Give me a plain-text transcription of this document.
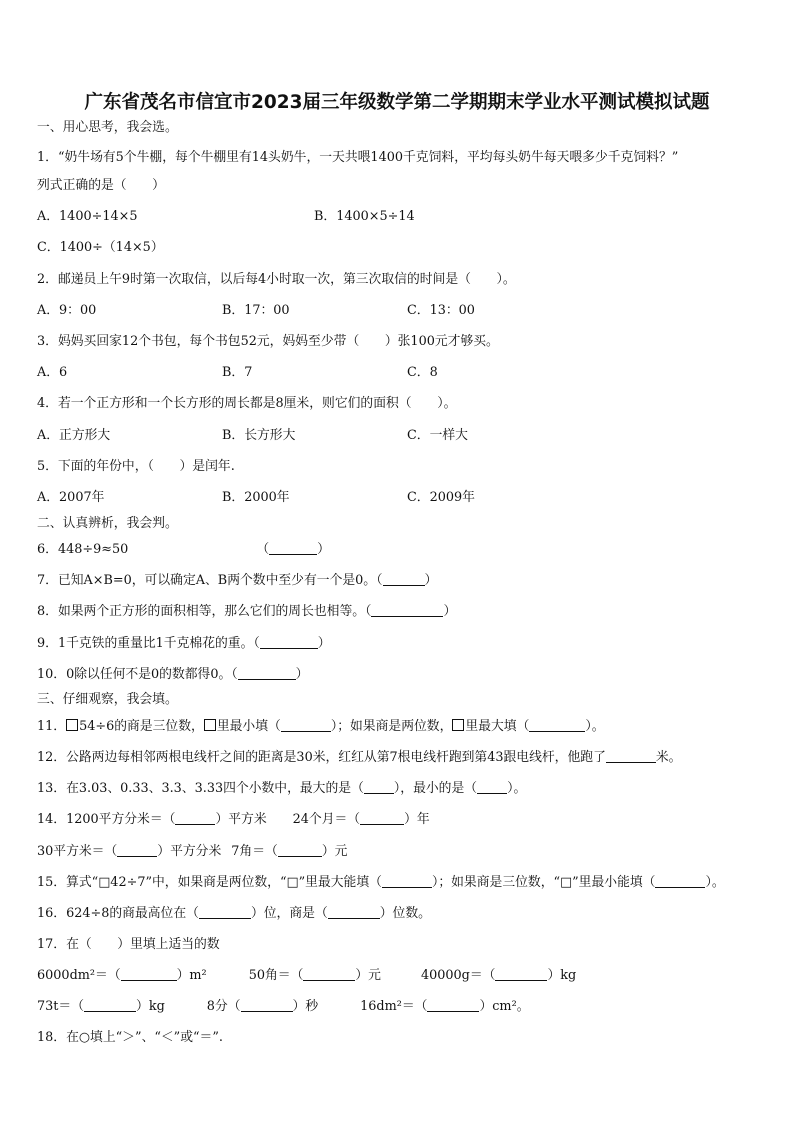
广东省茂名市信宜市2023届三年级数学第二学期期末学业水平测试模拟试题
一、用心思考，我会选。
1．“奶牛场有5个牛棚，每个牛棚里有14头奶牛，一天共喂1400千克饲料，平均每头奶牛每天喂多少千克饲料？”
列式正确的是（　　）
A．1400÷14×5	B．1400×5÷14
C．1400÷（14×5）
2．邮递员上午9时第一次取信，以后每4小时取一次，第三次取信的时间是（　　）。
A．9：00	B．17：00	C．13：00
3．妈妈买回家12个书包，每个书包52元，妈妈至少带（　　）张100元才够买。
A．6	B．7	C．8
4．若一个正方形和一个长方形的周长都是8厘米，则它们的面积（　　）。
A．正方形大	B．长方形大	C．一样大
5．下面的年份中，（　　）是闰年.
A．2007年	B．2000年	C．2009年
二、认真辨析，我会判。
6．448÷9≈50	（	）
7．已知A×B=0，可以确定A、B两个数中至少有一个是0。（	）
8．如果两个正方形的面积相等，那么它们的周长也相等。（	）
9．1千克铁的重量比1千克棉花的重。（	）
10．0除以任何不是0的数都得0。（	）
三、仔细观察，我会填。
11． 54÷6的商是三位数， 里最小填（	）；如果商是两位数， 里最大填（	）。
12．公路两边每相邻两根电线杆之间的距离是30米，红红从第7根电线杆跑到第43跟电线杆，他跑了	米。
13．在3.03、0.33、3.3、3.33四个小数中，最大的是（ ），最小的是（ ）。
14．1200平方分米＝（	）平方米 24个月＝（	）年
30平方米＝（	）平方分米 7角＝（	）元
15．算式“□42÷7”中，如果商是两位数，“□”里最大能填（	）；如果商是三位数，“□”里最小能填（	）。
16．624÷8的商最高位在（	）位，商是（	）位数。
17．在（　　）里填上适当的数
6000dm²＝（	）m²	50角＝（	）元	40000g＝（	）kg
73t＝（	）kg	8分（	）秒	16dm²＝（	）cm²。
18．在○填上“＞”、“＜”或“＝”.
